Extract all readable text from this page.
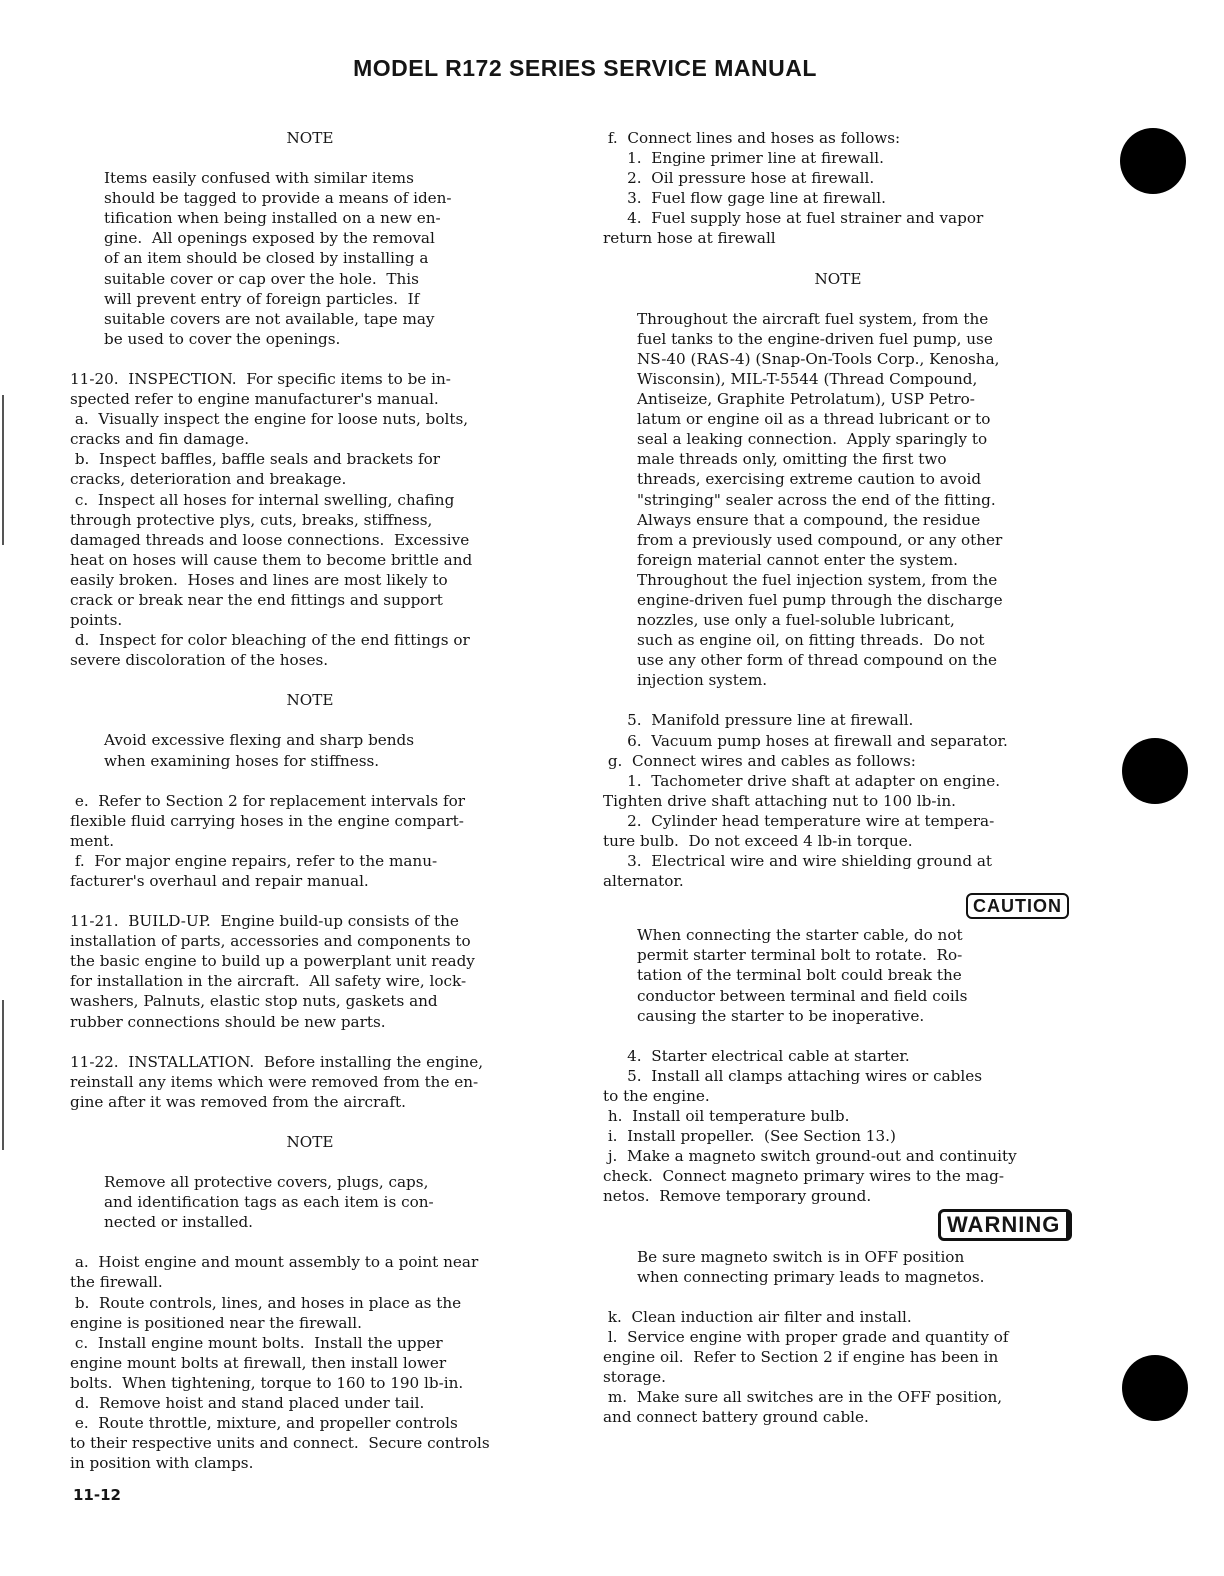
MODEL R172 SERIES SERVICE MANUAL
NOTE
Items easily confused with similar items
should be tagged to provide a means of iden-
tification when being installed on a new en-
gine.  All openings exposed by the removal
of an item should be closed by installing a
suitable cover or cap over the hole.  This
will prevent entry of foreign particles.  If
suitable covers are not available, tape may
be used to cover the openings.
11-20.  INSPECTION.  For specific items to be in-
spected refer to engine manufacturer's manual.
a.  Visually inspect the engine for loose nuts, bolts,
cracks and fin damage.
b.  Inspect baffles, baffle seals and brackets for
cracks, deterioration and breakage.
c.  Inspect all hoses for internal swelling, chafing
through protective plys, cuts, breaks, stiffness,
damaged threads and loose connections.  Excessive
heat on hoses will cause them to become brittle and
easily broken.  Hoses and lines are most likely to
crack or break near the end fittings and support
points.
d.  Inspect for color bleaching of the end fittings or
severe discoloration of the hoses.
NOTE
Avoid excessive flexing and sharp bends
when examining hoses for stiffness.
e.  Refer to Section 2 for replacement intervals for
flexible fluid carrying hoses in the engine compart-
ment.
f.  For major engine repairs, refer to the manu-
facturer's overhaul and repair manual.
11-21.  BUILD-UP.  Engine build-up consists of the
installation of parts, accessories and components to
the basic engine to build up a powerplant unit ready
for installation in the aircraft.  All safety wire, lock-
washers, Palnuts, elastic stop nuts, gaskets and
rubber connections should be new parts.
11-22.  INSTALLATION.  Before installing the engine,
reinstall any items which were removed from the en-
gine after it was removed from the aircraft.
NOTE
Remove all protective covers, plugs, caps,
and identification tags as each item is con-
nected or installed.
a.  Hoist engine and mount assembly to a point near
the firewall.
b.  Route controls, lines, and hoses in place as the
engine is positioned near the firewall.
c.  Install engine mount bolts.  Install the upper
engine mount bolts at firewall, then install lower
bolts.  When tightening, torque to 160 to 190 lb-in.
d.  Remove hoist and stand placed under tail.
e.  Route throttle, mixture, and propeller controls
to their respective units and connect.  Secure controls
in position with clamps.
f.  Connect lines and hoses as follows:
1.  Engine primer line at firewall.
2.  Oil pressure hose at firewall.
3.  Fuel flow gage line at firewall.
4.  Fuel supply hose at fuel strainer and vapor
return hose at firewall
NOTE
Throughout the aircraft fuel system, from the
fuel tanks to the engine-driven fuel pump, use
NS-40 (RAS-4) (Snap-On-Tools Corp., Kenosha,
Wisconsin), MIL-T-5544 (Thread Compound,
Antiseize, Graphite Petrolatum), USP Petro-
latum or engine oil as a thread lubricant or to
seal a leaking connection.  Apply sparingly to
male threads only, omitting the first two
threads, exercising extreme caution to avoid
"stringing" sealer across the end of the fitting.
Always ensure that a compound, the residue
from a previously used compound, or any other
foreign material cannot enter the system.
Throughout the fuel injection system, from the
engine-driven fuel pump through the discharge
nozzles, use only a fuel-soluble lubricant,
such as engine oil, on fitting threads.  Do not
use any other form of thread compound on the
injection system.
5.  Manifold pressure line at firewall.
6.  Vacuum pump hoses at firewall and separator.
g.  Connect wires and cables as follows:
1.  Tachometer drive shaft at adapter on engine.
Tighten drive shaft attaching nut to 100 lb-in.
2.  Cylinder head temperature wire at tempera-
ture bulb.  Do not exceed 4 lb-in torque.
3.  Electrical wire and wire shielding ground at
alternator.
CAUTION
When connecting the starter cable, do not
permit starter terminal bolt to rotate.  Ro-
tation of the terminal bolt could break the
conductor between terminal and field coils
causing the starter to be inoperative.
4.  Starter electrical cable at starter.
5.  Install all clamps attaching wires or cables
to the engine.
h.  Install oil temperature bulb.
i.  Install propeller.  (See Section 13.)
j.  Make a magneto switch ground-out and continuity
check.  Connect magneto primary wires to the mag-
netos.  Remove temporary ground.
WARNING
Be sure magneto switch is in OFF position
when connecting primary leads to magnetos.
k.  Clean induction air filter and install.
l.  Service engine with proper grade and quantity of
engine oil.  Refer to Section 2 if engine has been in
storage.
m.  Make sure all switches are in the OFF position,
and connect battery ground cable.
11-12
